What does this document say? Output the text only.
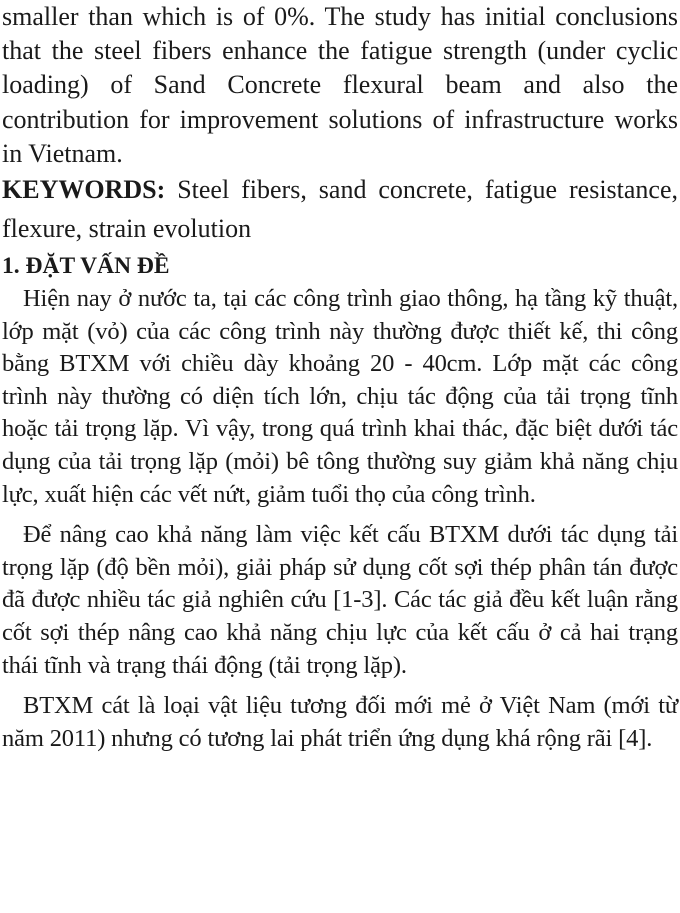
smaller than which is of 0%. The study has initial conclusions that the steel fibers enhance the fatigue strength (under cyclic loading) of Sand Concrete flexural beam and also the contribution for improvement solutions of infrastructure works in Vietnam.

KEYWORDS: Steel fibers, sand concrete, fatigue resistance, flexure, strain evolution

1. ĐẶT VẤN ĐỀ

Hiện nay ở nước ta, tại các công trình giao thông, hạ tầng kỹ thuật, lớp mặt (vỏ) của các công trình này thường được thiết kế, thi công bằng BTXM với chiều dày khoảng 20 - 40cm. Lớp mặt các công trình này thường có diện tích lớn, chịu tác động của tải trọng tĩnh hoặc tải trọng lặp. Vì vậy, trong quá trình khai thác, đặc biệt dưới tác dụng của tải trọng lặp (mỏi) bê tông thường suy giảm khả năng chịu lực, xuất hiện các vết nứt, giảm tuổi thọ của công trình.

Để nâng cao khả năng làm việc kết cấu BTXM dưới tác dụng tải trọng lặp (độ bền mỏi), giải pháp sử dụng cốt sợi thép phân tán được đã được nhiều tác giả nghiên cứu [1-3]. Các tác giả đều kết luận rằng cốt sợi thép nâng cao khả năng chịu lực của kết cấu ở cả hai trạng thái tĩnh và trạng thái động (tải trọng lặp).

BTXM cát là loại vật liệu tương đối mới mẻ ở Việt Nam (mới từ năm 2011) nhưng có tương lai phát triển ứng dụng khá rộng rãi [4].
